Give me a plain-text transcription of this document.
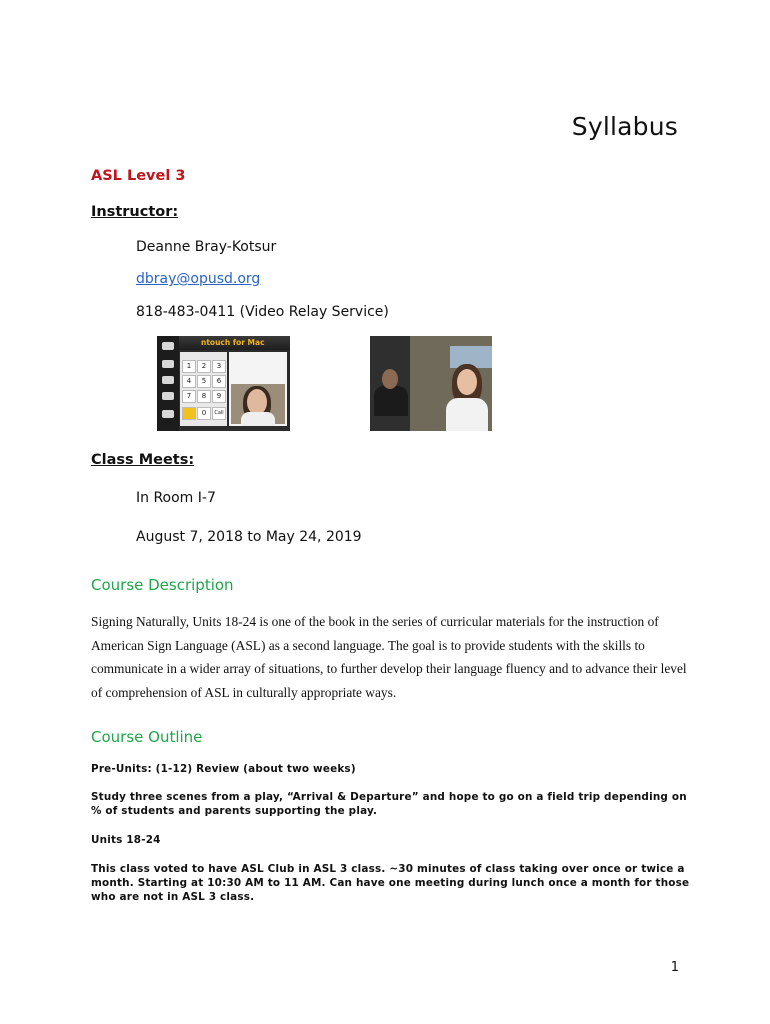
Syllabus
ASL Level 3
Instructor:
Deanne Bray-Kotsur
dbray@opusd.org
818-483-0411 (Video Relay Service)
ntouch for Mac
1	2	3
4	5	6
7	8	9
0	Call
Class Meets:
In Room I-7
August 7, 2018 to May 24, 2019
Course Description
Signing Naturally, Units 18-24 is one of the book in the series of curricular materials for the instruction of American Sign Language (ASL) as a second language. The goal is to provide students with the skills to communicate in a wider array of situations, to further develop their language fluency and to advance their level of comprehension of ASL in culturally appropriate ways.
Course Outline
Pre-Units: (1-12) Review (about two weeks)
Study three scenes from a play, “Arrival & Departure” and hope to go on a field trip depending on % of students and parents supporting the play.
Units 18-24
This class voted to have ASL Club in ASL 3 class. ~30 minutes of class taking over once or twice a month. Starting at 10:30 AM to 11 AM. Can have one meeting during lunch once a month for those who are not in ASL 3 class.
1
